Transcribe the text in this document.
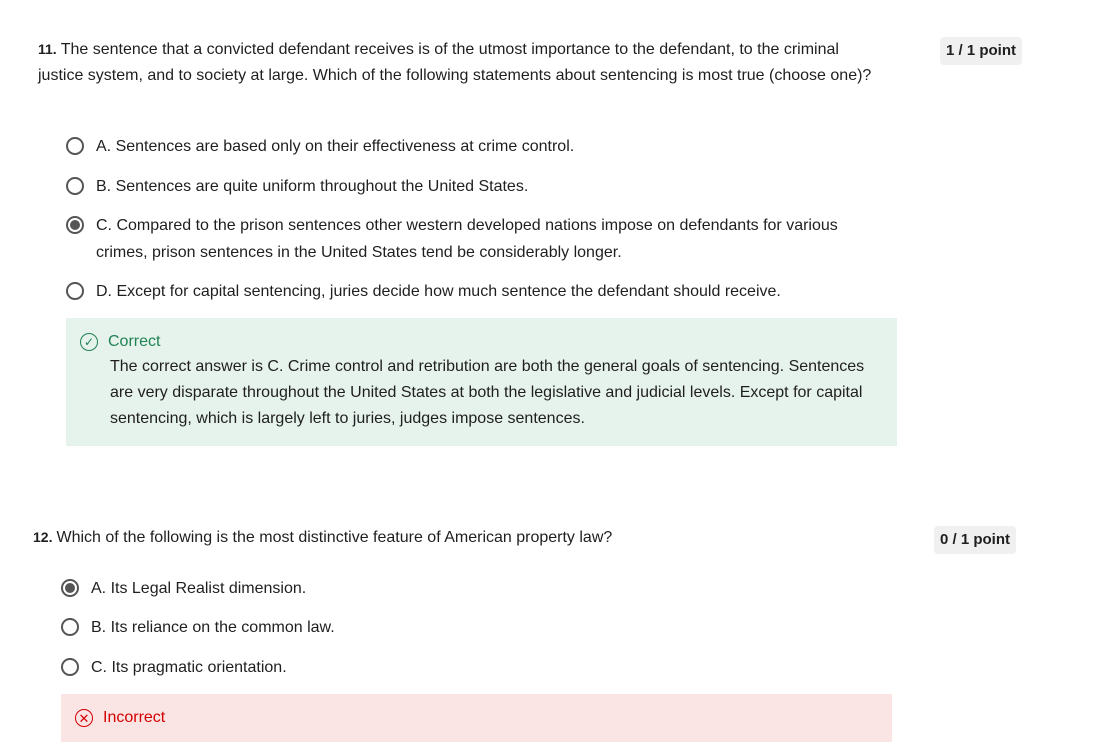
11. The sentence that a convicted defendant receives is of the utmost importance to the defendant, to the criminal justice system, and to society at large. Which of the following statements about sentencing is most true (choose one)?
1 / 1 point
A. Sentences are based only on their effectiveness at crime control.
B. Sentences are quite uniform throughout the United States.
C. Compared to the prison sentences other western developed nations impose on defendants for various crimes, prison sentences in the United States tend be considerably longer.
D. Except for capital sentencing, juries decide how much sentence the defendant should receive.
✓ Correct
The correct answer is C. Crime control and retribution are both the general goals of sentencing. Sentences are very disparate throughout the United States at both the legislative and judicial levels. Except for capital sentencing, which is largely left to juries, judges impose sentences.
12. Which of the following is the most distinctive feature of American property law?	0 / 1 point
A. Its Legal Realist dimension.
B. Its reliance on the common law.
C. Its pragmatic orientation.
✕ Incorrect
